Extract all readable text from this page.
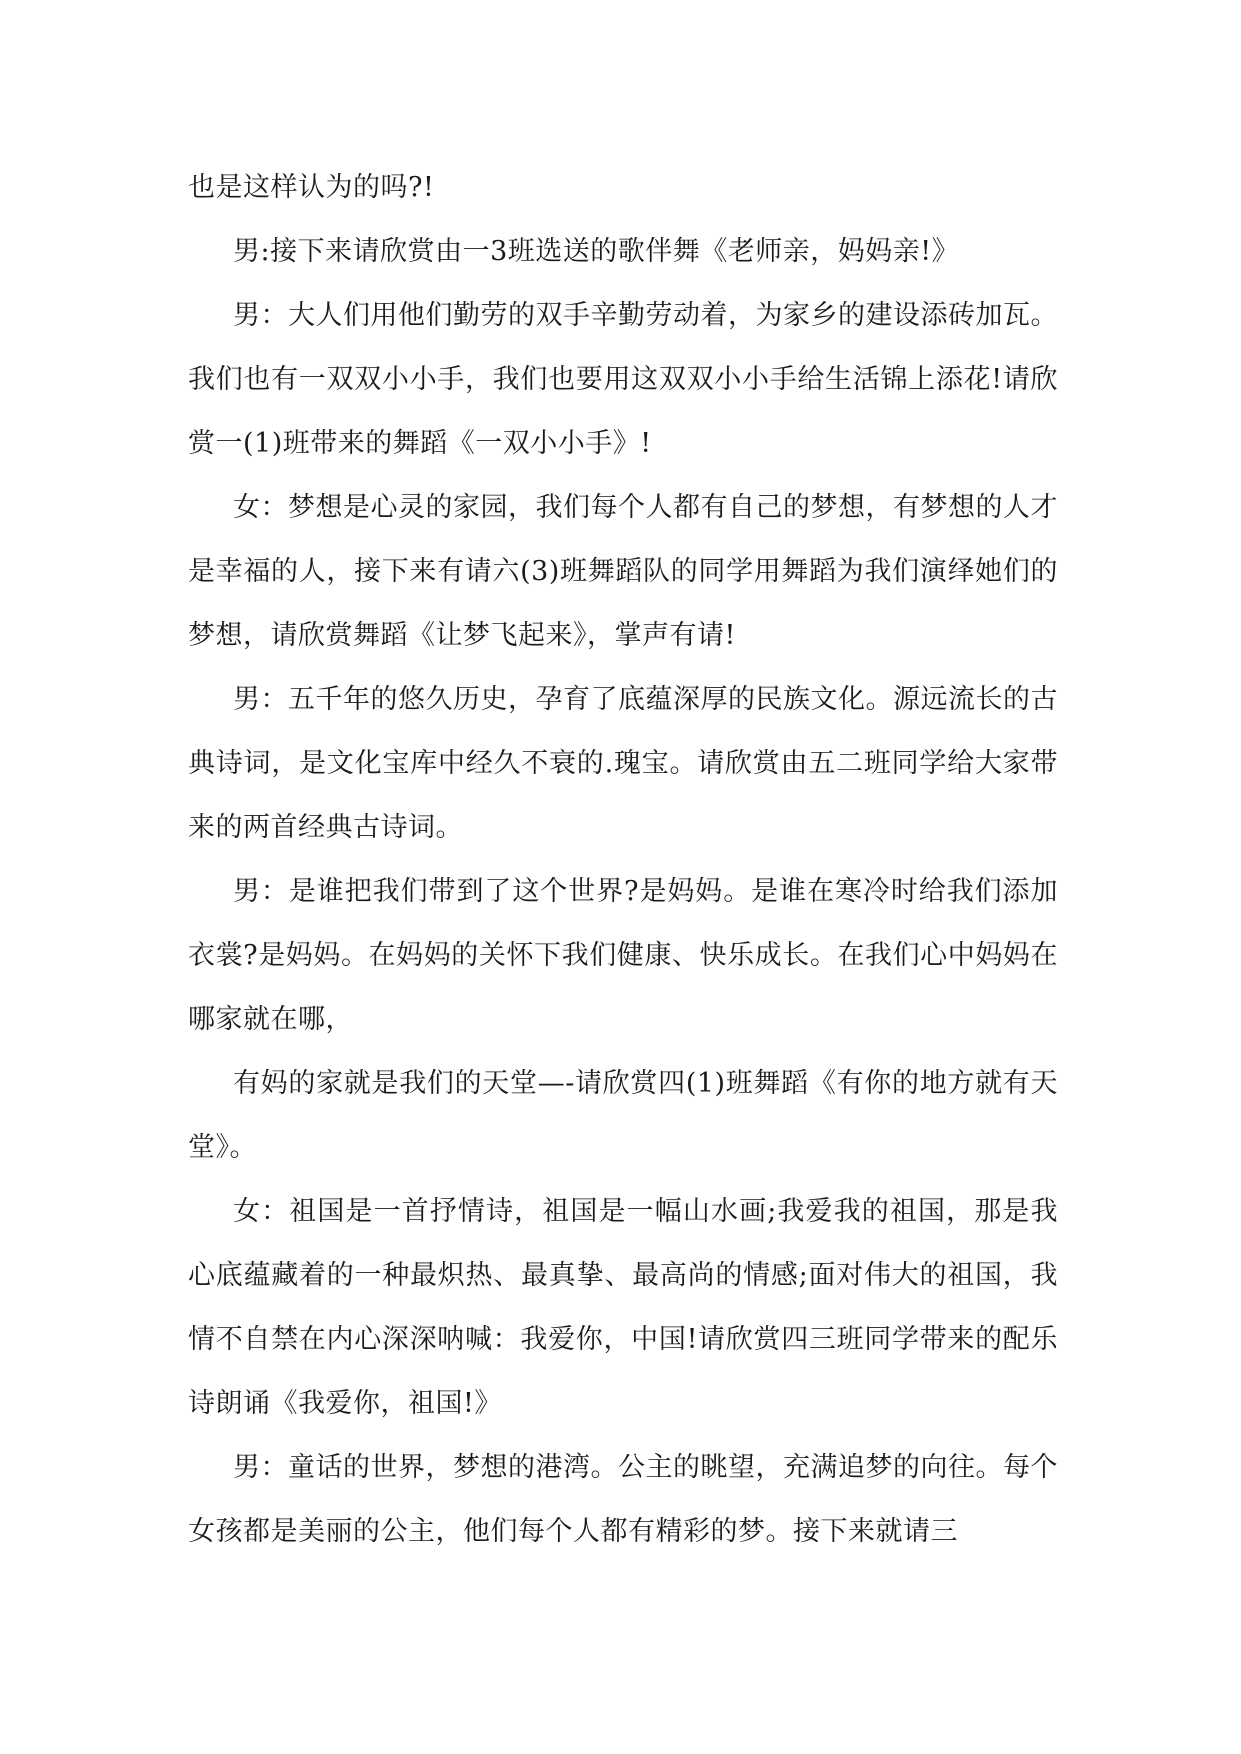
也是这样认为的吗?!

男:接下来请欣赏由一3班选送的歌伴舞《老师亲，妈妈亲!》

男：大人们用他们勤劳的双手辛勤劳动着，为家乡的建设添砖加瓦。我们也有一双双小小手，我们也要用这双双小小手给生活锦上添花!请欣赏一(1)班带来的舞蹈《一双小小手》!

女：梦想是心灵的家园，我们每个人都有自己的梦想，有梦想的人才是幸福的人，接下来有请六(3)班舞蹈队的同学用舞蹈为我们演绎她们的梦想，请欣赏舞蹈《让梦飞起来》，掌声有请!

男：五千年的悠久历史，孕育了底蕴深厚的民族文化。源远流长的古典诗词，是文化宝库中经久不衰的.瑰宝。请欣赏由五二班同学给大家带来的两首经典古诗词。

男：是谁把我们带到了这个世界?是妈妈。是谁在寒冷时给我们添加衣裳?是妈妈。在妈妈的关怀下我们健康、快乐成长。在我们心中妈妈在哪家就在哪，

有妈的家就是我们的天堂—-请欣赏四(1)班舞蹈《有你的地方就有天堂》。

女：祖国是一首抒情诗，祖国是一幅山水画;我爱我的祖国，那是我心底蕴藏着的一种最炽热、最真挚、最高尚的情感;面对伟大的祖国，我情不自禁在内心深深呐喊：我爱你，中国!请欣赏四三班同学带来的配乐诗朗诵《我爱你，祖国!》

男：童话的世界，梦想的港湾。公主的眺望，充满追梦的向往。每个女孩都是美丽的公主，他们每个人都有精彩的梦。接下来就请三
